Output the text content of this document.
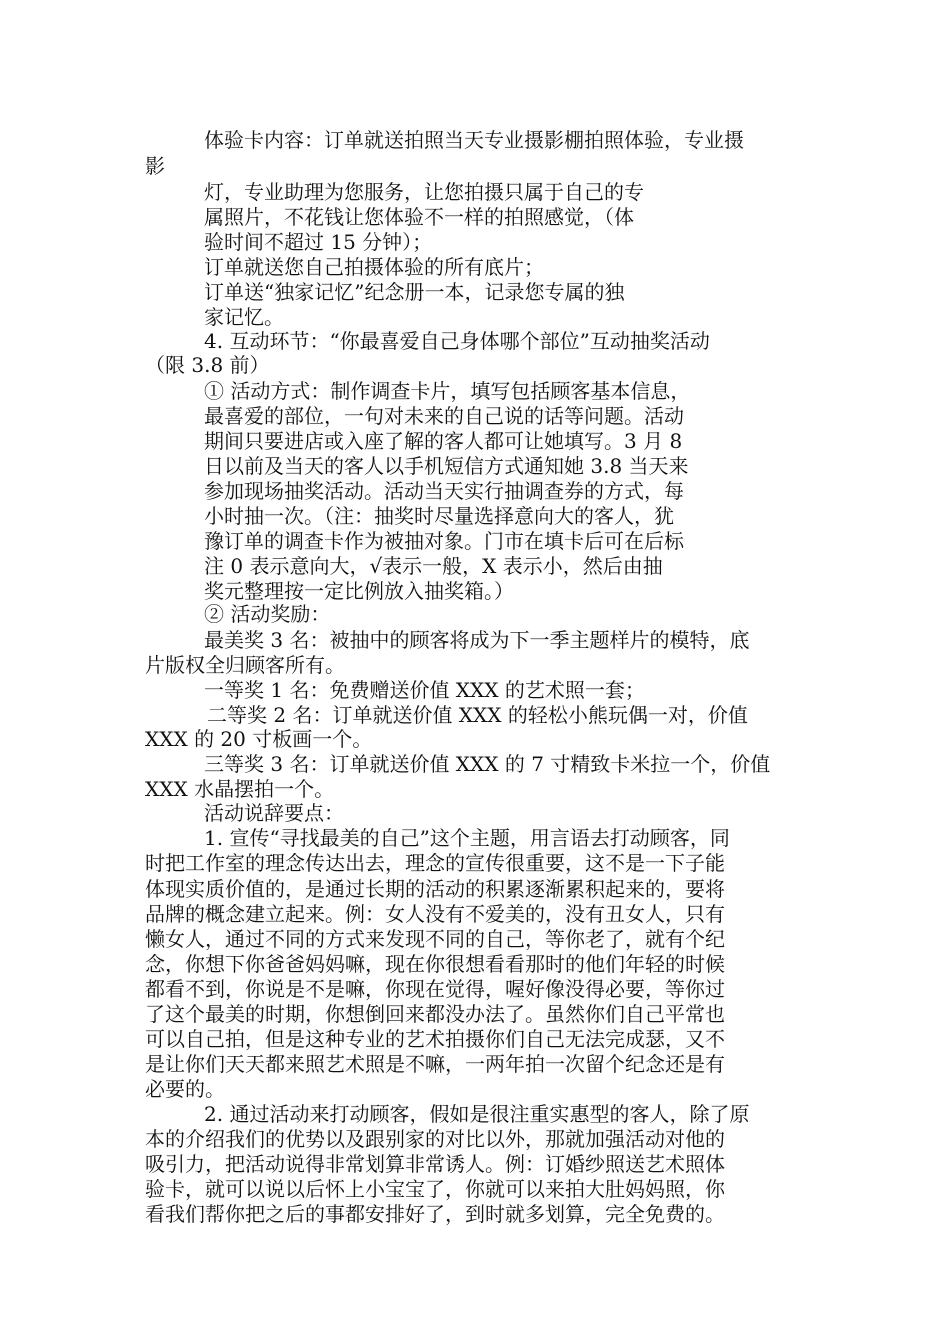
体验卡内容：订单就送拍照当天专业摄影棚拍照体验，专业摄

影

灯，专业助理为您服务，让您拍摄只属于自己的专

属照片，不花钱让您体验不一样的拍照感觉，（体

验时间不超过 15 分钟）；

订单就送您自己拍摄体验的所有底片；

订单送“独家记忆”纪念册一本，记录您专属的独

家记忆。

4. 互动环节：“你最喜爱自己身体哪个部位”互动抽奖活动

（限 3.8 前）

① 活动方式：制作调查卡片，填写包括顾客基本信息，

最喜爱的部位，一句对未来的自己说的话等问题。活动

期间只要进店或入座了解的客人都可让她填写。3 月 8

日以前及当天的客人以手机短信方式通知她 3.8 当天来

参加现场抽奖活动。活动当天实行抽调查券的方式，每

小时抽一次。（注：抽奖时尽量选择意向大的客人，犹

豫订单的调查卡作为被抽对象。门市在填卡后可在后标

注 0 表示意向大，√表示一般，X 表示小，然后由抽

奖元整理按一定比例放入抽奖箱。）

② 活动奖励：

最美奖 3 名：被抽中的顾客将成为下一季主题样片的模特，底

片版权全归顾客所有。

一等奖 1 名：免费赠送价值 XXX 的艺术照一套；

二等奖 2 名：订单就送价值 XXX 的轻松小熊玩偶一对，价值

XXX 的 20 寸板画一个。

三等奖 3 名：订单就送价值 XXX 的 7 寸精致卡米拉一个，价值

XXX 水晶摆拍一个。

活动说辞要点：

1. 宣传“寻找最美的自己”这个主题，用言语去打动顾客，同

时把工作室的理念传达出去，理念的宣传很重要，这不是一下子能

体现实质价值的，是通过长期的活动的积累逐渐累积起来的，要将

品牌的概念建立起来。例：女人没有不爱美的，没有丑女人，只有

懒女人，通过不同的方式来发现不同的自己，等你老了，就有个纪

念，你想下你爸爸妈妈嘛，现在你很想看看那时的他们年轻的时候

都看不到，你说是不是嘛，你现在觉得，喔好像没得必要，等你过

了这个最美的时期，你想倒回来都没办法了。虽然你们自己平常也

可以自己拍，但是这种专业的艺术拍摄你们自己无法完成瑟，又不

是让你们天天都来照艺术照是不嘛，一两年拍一次留个纪念还是有

必要的。

2. 通过活动来打动顾客，假如是很注重实惠型的客人，除了原

本的介绍我们的优势以及跟别家的对比以外，那就加强活动对他的

吸引力，把活动说得非常划算非常诱人。例：订婚纱照送艺术照体

验卡，就可以说以后怀上小宝宝了，你就可以来拍大肚妈妈照，你

看我们帮你把之后的事都安排好了，到时就多划算，完全免费的。
